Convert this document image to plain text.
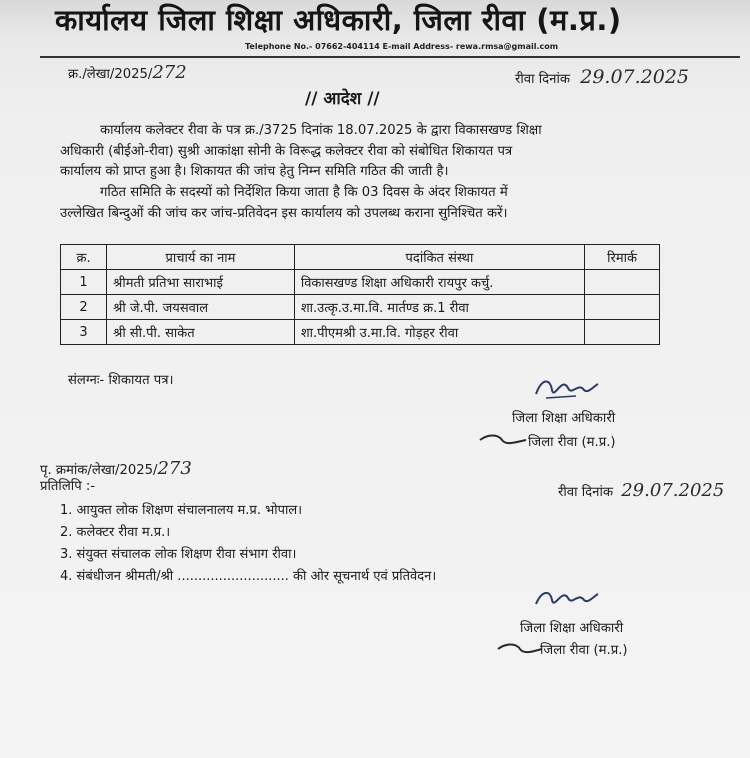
कार्यालय जिला शिक्षा अधिकारी, जिला रीवा (म.प्र.)
Telephone No.- 07662-404114 E-mail Address- rewa.rmsa@gmail.com
क्र./लेखा/2025/272	रीवा दिनांक 29.07.2025
// आदेश //
कार्यालय कलेक्टर रीवा के पत्र क्र./3725 दिनांक 18.07.2025 के द्वारा विकासखण्ड शिक्षा
अधिकारी (बीईओ-रीवा) सुश्री आकांक्षा सोनी के विरूद्ध कलेक्टर रीवा को संबोधित शिकायत पत्र
कार्यालय को प्राप्त हुआ है। शिकायत की जांच हेतु निम्न समिति गठित की जाती है।
गठित समिति के सदस्यों को निर्देशित किया जाता है कि 03 दिवस के अंदर शिकायत में
उल्लेखित बिन्दुओं की जांच कर जांच-प्रतिवेदन इस कार्यालय को उपलब्ध कराना सुनिश्चित करें।
क्र.	प्राचार्य का नाम	पदांकित संस्था	रिमार्क
1	श्रीमती प्रतिभा साराभाई	विकासखण्ड शिक्षा अधिकारी रायपुर कर्चु.	
2	श्री जे.पी. जयसवाल	शा.उत्कृ.उ.मा.वि. मार्तण्ड क्र.1 रीवा	
3	श्री सी.पी. साकेत	शा.पीएमश्री उ.मा.वि. गोड़हर रीवा	
संलग्नः- शिकायत पत्र।
जिला शिक्षा अधिकारी
जिला रीवा (म.प्र.)
पृ. क्रमांक/लेखा/2025/273
प्रतिलिपि :-	रीवा दिनांक 29.07.2025
1. आयुक्त लोक शिक्षण संचालनालय म.प्र. भोपाल।
2. कलेक्टर रीवा म.प्र.।
3. संयुक्त संचालक लोक शिक्षण रीवा संभाग रीवा।
4. संबंधीजन श्रीमती/श्री ........................... की ओर सूचनार्थ एवं प्रतिवेदन।
जिला शिक्षा अधिकारी
जिला रीवा (म.प्र.)
